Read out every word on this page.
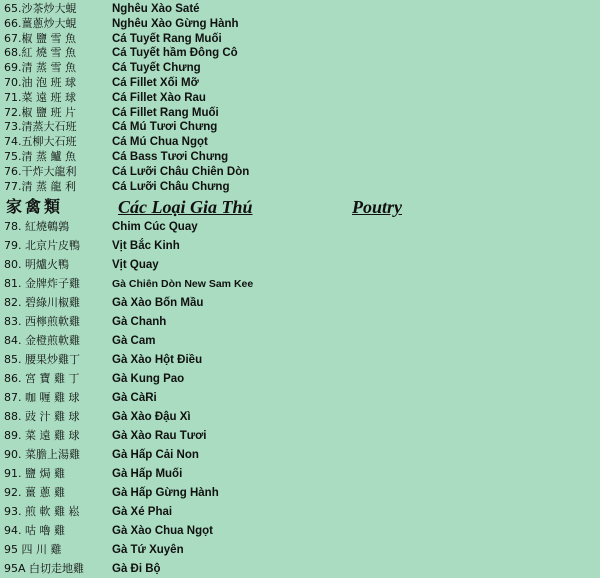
65.沙茶炒大蜆	Nghêu Xào Saté
66.薑蔥炒大蜆	Nghêu Xào Gừng Hành
67.椒 鹽 雪 魚	Cá Tuyết Rang Muối
68.紅 燒 雪 魚	Cá Tuyết hầm Đông Cô
69.清 蒸 雪 魚	Cá Tuyết Chưng
70.油 泡 班 球	Cá Fillet Xối Mỡ
71.菜 遠 班 球	Cá Fillet Xào Rau
72.椒 鹽 班 片	Cá Fillet Rang Muối
73.清蒸大石班	Cá Mú Tươi Chưng
74.五柳大石班	Cá Mú Chua Ngọt
75.清 蒸 鱸 魚	Cá Bass Tươi Chưng
76.干炸大龍利	Cá Lưỡi Châu Chiên Dòn
77.清 蒸 龍 利	Cá Lưỡi Châu Chưng
家禽類	Các Loại Gia Thú	Poutry
78. 紅燒鵪鶉	Chim Cúc Quay
79. 北京片皮鴨	Vịt Bắc Kinh
80. 明爐火鴨	Vịt Quay
81. 金牌炸子雞	Gà Chiên Dòn New Sam Kee
82. 碧綠川椒雞	Gà Xào Bốn Mầu
83. 西檸煎軟雞	Gà Chanh
84. 金橙煎軟雞	Gà Cam
85. 腰果炒雞丁	Gà Xào Hột Điều
86. 宮 寶 雞 丁	Gà Kung Pao
87. 咖 喱 雞 球	Gà CàRi
88. 豉 汁 雞 球	Gà Xào Đậu Xì
89. 菜 遠 雞 球	Gà Xào Rau Tươi
90. 菜膽上湯雞	Gà Hấp Cải Non
91. 鹽 焗 雞	Gà Hấp Muối
92. 薑 蔥 雞	Gà Hấp Gừng Hành
93. 煎 軟 雞 崧	Gà Xé Phai
94. 咕 嚕 雞	Gà Xào Chua Ngọt
95 四 川 雞	Gà Tứ Xuyên
95A 白切走地雞	Gà Đi Bộ
